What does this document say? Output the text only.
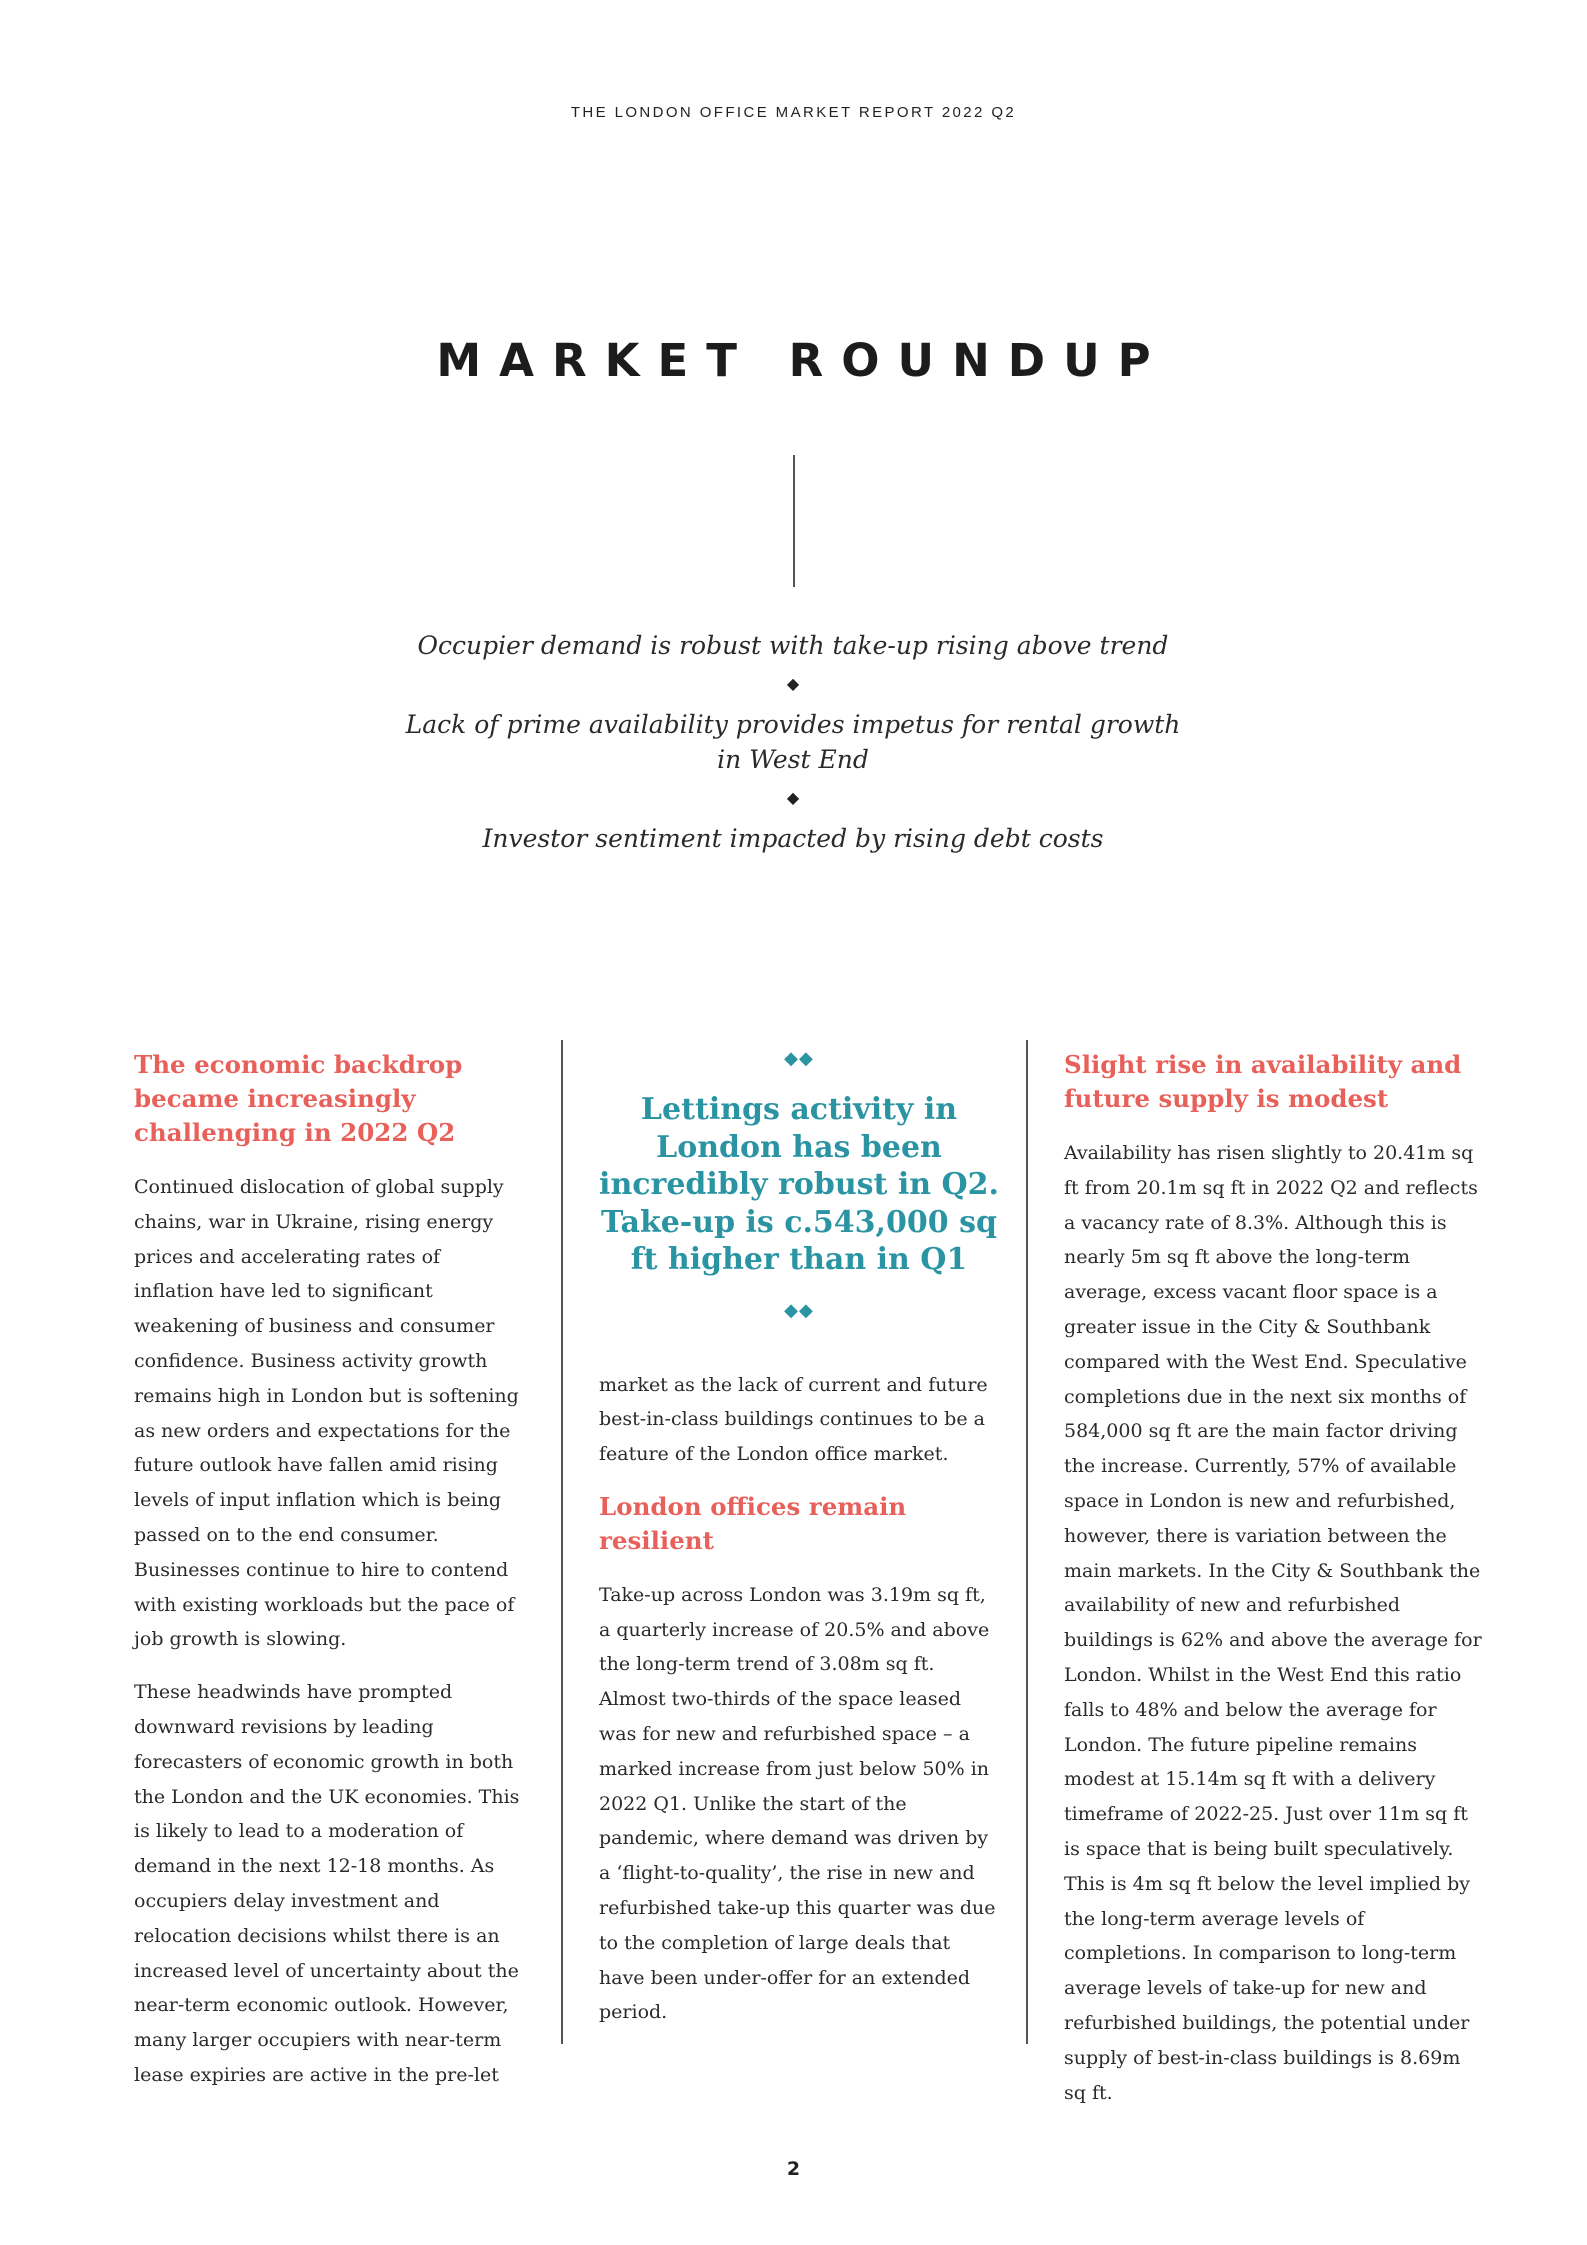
THE LONDON OFFICE MARKET REPORT 2022 Q2
MARKET ROUNDUP

Occupier demand is robust with take-up rising above trend

◆

Lack of prime availability provides impetus for rental growth in West End

◆

Investor sentiment impacted by rising debt costs

The economic backdrop became increasingly challenging in 2022 Q2

Continued dislocation of global supply chains, war in Ukraine, rising energy prices and accelerating rates of inflation have led to significant weakening of business and consumer confidence. Business activity growth remains high in London but is softening as new orders and expectations for the future outlook have fallen amid rising levels of input inflation which is being passed on to the end consumer. Businesses continue to hire to contend with existing workloads but the pace of job growth is slowing.

These headwinds have prompted downward revisions by leading forecasters of economic growth in both the London and the UK economies. This is likely to lead to a moderation of demand in the next 12-18 months. As occupiers delay investment and relocation decisions whilst there is an increased level of uncertainty about the near-term economic outlook. However, many larger occupiers with near-term lease expiries are active in the pre-let

◆◆
Lettings activity in London has been incredibly robust in Q2. Take-up is c.543,000 sq ft higher than in Q1
◆◆

market as the lack of current and future best-in-class buildings continues to be a feature of the London office market.

London offices remain resilient

Take-up across London was 3.19m sq ft, a quarterly increase of 20.5% and above the long-term trend of 3.08m sq ft. Almost two-thirds of the space leased was for new and refurbished space – a marked increase from just below 50% in 2022 Q1. Unlike the start of the pandemic, where demand was driven by a ‘flight-to-quality’, the rise in new and refurbished take-up this quarter was due to the completion of large deals that have been under-offer for an extended period.

Slight rise in availability and future supply is modest

Availability has risen slightly to 20.41m sq ft from 20.1m sq ft in 2022 Q2 and reflects a vacancy rate of 8.3%. Although this is nearly 5m sq ft above the long-term average, excess vacant floor space is a greater issue in the City & Southbank compared with the West End. Speculative completions due in the next six months of 584,000 sq ft are the main factor driving the increase. Currently, 57% of available space in London is new and refurbished, however, there is variation between the main markets. In the City & Southbank the availability of new and refurbished buildings is 62% and above the average for London. Whilst in the West End this ratio falls to 48% and below the average for London. The future pipeline remains modest at 15.14m sq ft with a delivery timeframe of 2022-25. Just over 11m sq ft is space that is being built speculatively. This is 4m sq ft below the level implied by the long-term average levels of completions. In comparison to long-term average levels of take-up for new and refurbished buildings, the potential under supply of best-in-class buildings is 8.69m sq ft.

2
